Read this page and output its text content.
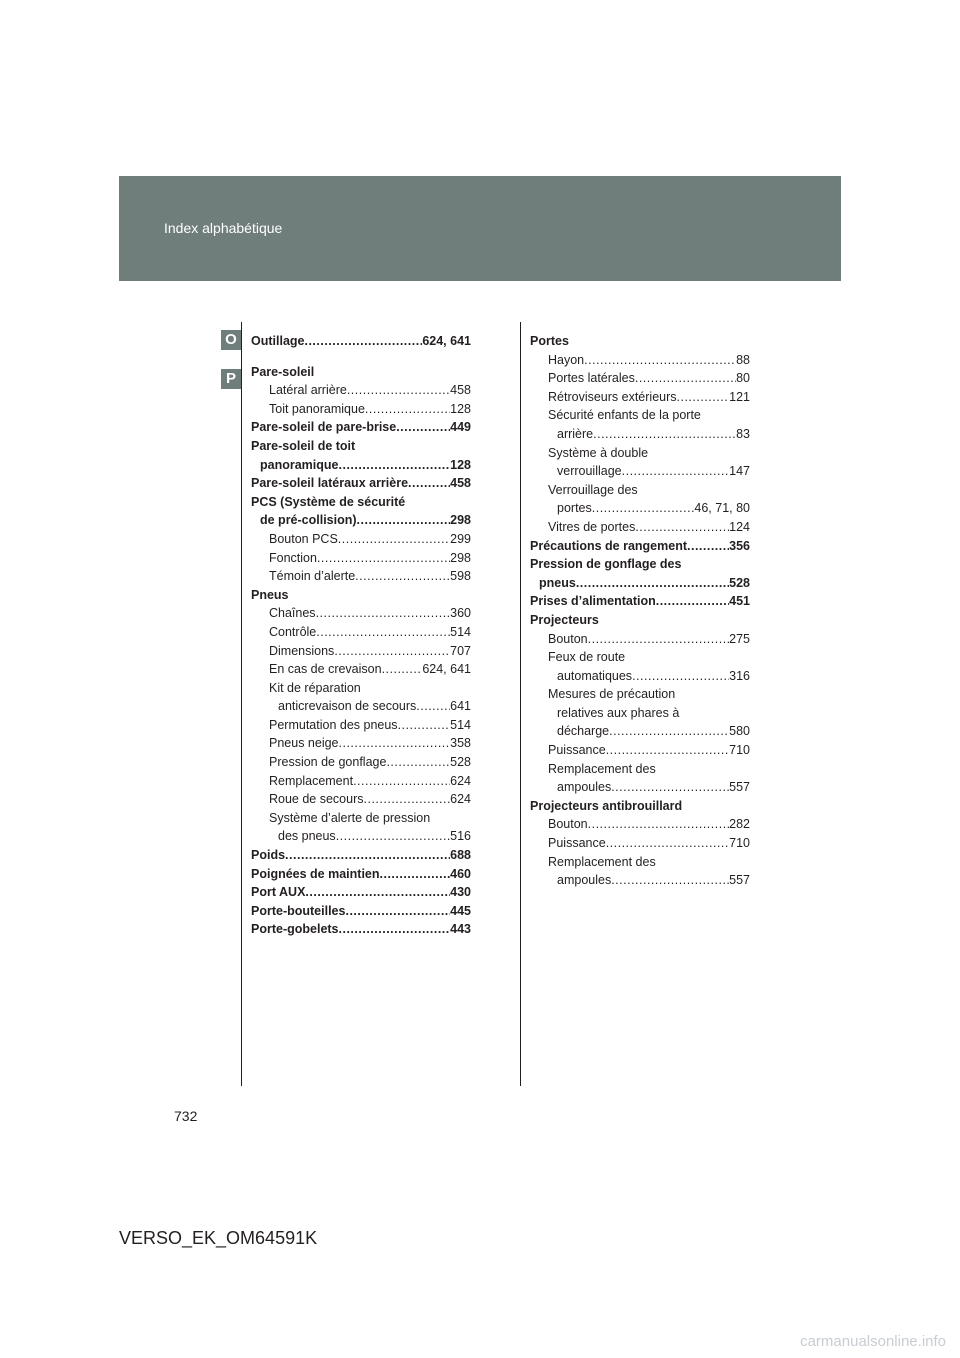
Index alphabétique
O
P
Outillage .....	624, 641
Pare-soleil
Latéral arrière .....	458
Toit panoramique .....	128
Pare-soleil de pare-brise .....	449
Pare-soleil de toit
panoramique .....	128
Pare-soleil latéraux arrière .....	458
PCS (Système de sécurité
de pré-collision) .....	298
Bouton PCS .....	299
Fonction .....	298
Témoin d’alerte .....	598
Pneus
Chaînes .....	360
Contrôle .....	514
Dimensions .....	707
En cas de crevaison .....	624, 641
Kit de réparation
anticrevaison de secours .....	641
Permutation des pneus .....	514
Pneus neige .....	358
Pression de gonflage .....	528
Remplacement .....	624
Roue de secours .....	624
Système d’alerte de pression
des pneus .....	516
Poids .....	688
Poignées de maintien .....	460
Port AUX .....	430
Porte-bouteilles .....	445
Porte-gobelets .....	443
Portes
Hayon .....	88
Portes latérales .....	80
Rétroviseurs extérieurs .....	121
Sécurité enfants de la porte
arrière .....	83
Système à double
verrouillage .....	147
Verrouillage des
portes .....	46, 71, 80
Vitres de portes .....	124
Précautions de rangement .....	356
Pression de gonflage des
pneus .....	528
Prises d’alimentation .....	451
Projecteurs
Bouton .....	275
Feux de route
automatiques .....	316
Mesures de précaution
relatives aux phares à
décharge .....	580
Puissance .....	710
Remplacement des
ampoules .....	557
Projecteurs antibrouillard
Bouton .....	282
Puissance .....	710
Remplacement des
ampoules .....	557
732
VERSO_EK_OM64591K
carmanualsonline.info
